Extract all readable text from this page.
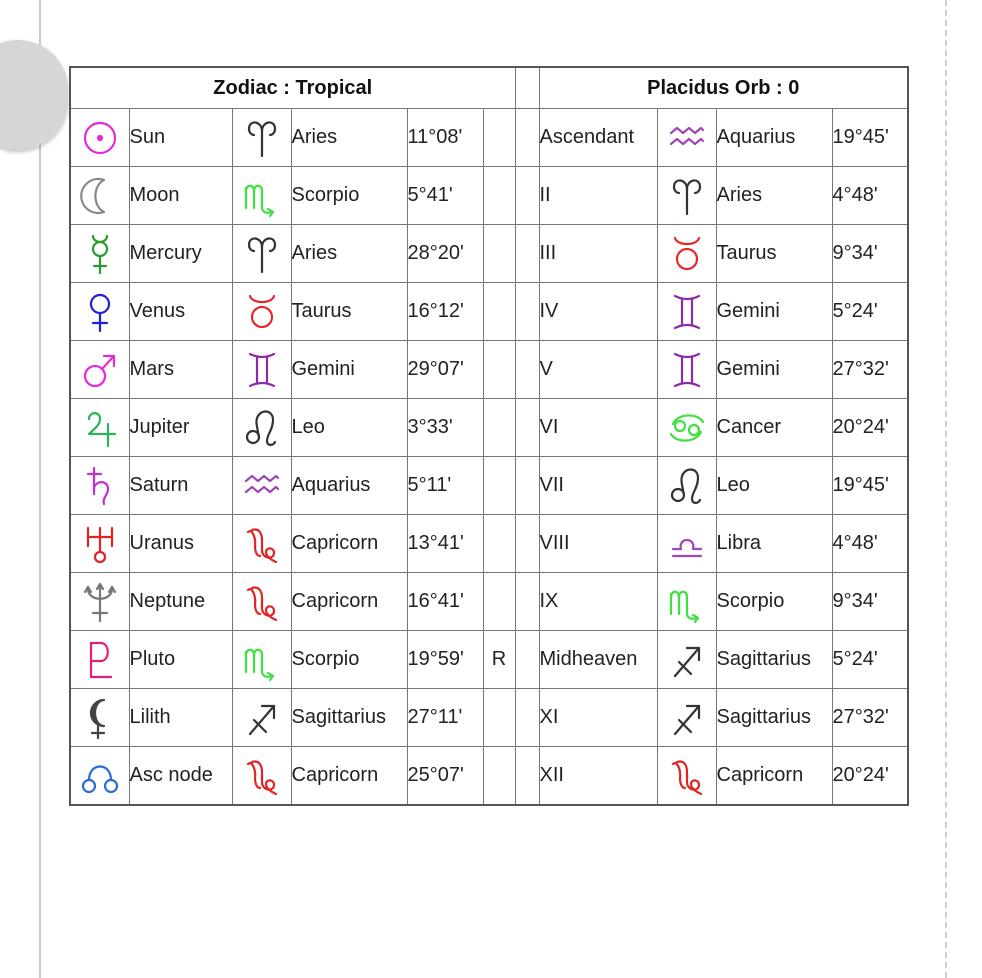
Zodiac : Tropical							Placidus Orb : 0			

	Sun		Aries	11°08'			Ascendant		Aquarius	19°45'

	Moon		Scorpio	5°41'			II		Aries	4°48'

	Mercury		Aries	28°20'			III		Taurus	9°34'

	Venus		Taurus	16°12'			IV		Gemini	5°24'

	Mars		Gemini	29°07'			V		Gemini	27°32'

	Jupiter		Leo	3°33'			VI		Cancer	20°24'

	Saturn		Aquarius	5°11'			VII		Leo	19°45'

	Uranus		Capricorn	13°41'			VIII		Libra	4°48'

	Neptune		Capricorn	16°41'			IX		Scorpio	9°34'

	Pluto		Scorpio	19°59'	R		Midheaven		Sagittarius	5°24'

	Lilith		Sagittarius	27°11'			XI		Sagittarius	27°32'

	Asc node		Capricorn	25°07'			XII		Capricorn	20°24'
